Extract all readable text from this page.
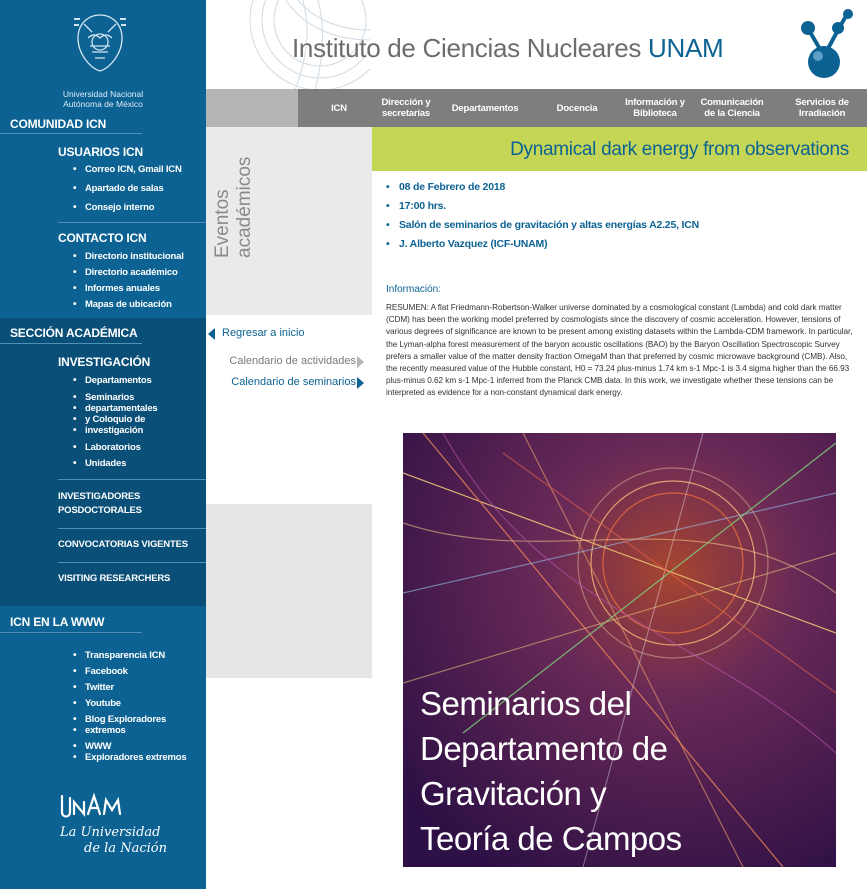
Universidad Nacional
Autónoma de México
COMUNIDAD ICN
USUARIOS ICN
• Correo ICN, Gmail ICN
• Apartado de salas
• Consejo interno
CONTACTO ICN
• Directorio institucional
• Directorio académico
• Informes anuales
• Mapas de ubicación
SECCIÓN ACADÉMICA
INVESTIGACIÓN
• Departamentos
• Seminarios
• departamentales
• y Coloquio de
• investigación
• Laboratorios
• Unidades
INVESTIGADORES
POSDOCTORALES
CONVOCATORIAS VIGENTES
VISITING RESEARCHERS
ICN EN LA WWW
• Transparencia ICN
• Facebook
• Twitter
• Youtube
• Blog Exploradores
• extremos
• WWW
• Exploradores extremos
La Universidad
de la Nación
Instituto de Ciencias Nucleares UNAM
ICN	Dirección y secretarías	Departamentos	Docencia	Información y Biblioteca
Comunicación de la Ciencia
Servicios de Irradiación
Eventos académicos
Regresar a inicio
Calendario de actividades
Calendario de seminarios
Dynamical dark energy from observations
• 08 de Febrero de 2018
• 17:00 hrs.
• Salón de seminarios de gravitación y altas energías A2.25, ICN
• J. Alberto Vazquez (ICF-UNAM)
Información:
RESUMEN: A flat Friedmann-Robertson-Walker universe dominated by a cosmological constant (Lambda) and cold dark matter (CDM) has been the working model preferred by cosmologists since the discovery of cosmic acceleration. However, tensions of various degrees of significance are known to be present among existing datasets within the Lambda-CDM framework. In particular, the Lyman-alpha forest measurement of the baryon acoustic oscillations (BAO) by the Baryon Oscillation Spectroscopic Survey prefers a smaller value of the matter density fraction OmegaM than that preferred by cosmic microwave background (CMB). Also, the recently measured value of the Hubble constant, H0 = 73.24 plus-minus 1.74 km s-1 Mpc-1 is 3.4 sigma higher than the 66.93 plus-minus 0.62 km s-1 Mpc-1 inferred from the Planck CMB data. In this work, we investigate whether these tensions can be interpreted as evidence for a non-constant dynamical dark energy.
Seminarios del
Departamento de
Gravitación y
Teoría de Campos
